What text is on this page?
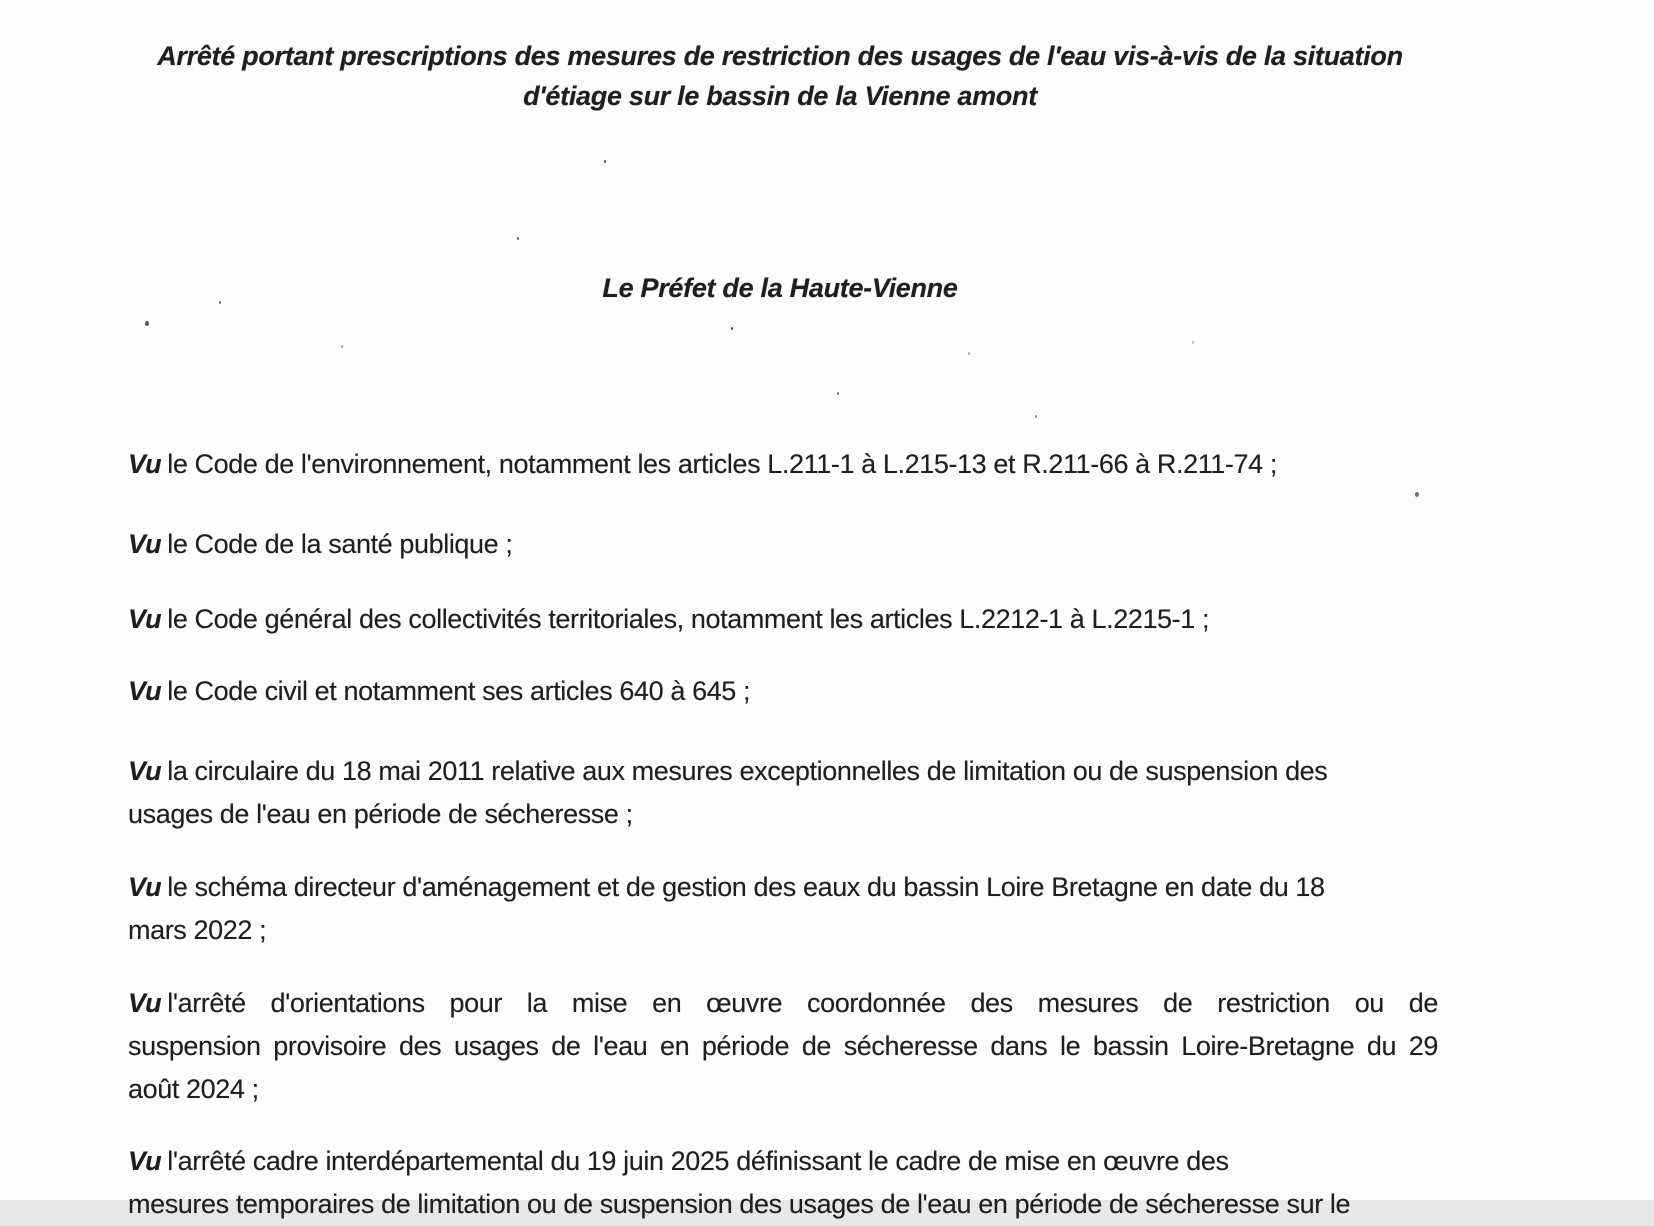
Arrêté portant prescriptions des mesures de restriction des usages de l'eau vis-à-vis de la situation
d'étiage sur le bassin de la Vienne amont
Le Préfet de la Haute-Vienne
Vu le Code de l'environnement, notamment les articles L.211-1 à L.215-13 et R.211-66 à R.211-74 ;
Vu le Code de la santé publique ;
Vu le Code général des collectivités territoriales, notamment les articles L.2212-1 à L.2215-1 ;
Vu le Code civil et notamment ses articles 640 à 645 ;
Vu la circulaire du 18 mai 2011 relative aux mesures exceptionnelles de limitation ou de suspension des
usages de l'eau en période de sécheresse ;
Vu le schéma directeur d'aménagement et de gestion des eaux du bassin Loire Bretagne en date du 18
mars 2022 ;
Vu l'arrêté d'orientations pour la mise en œuvre coordonnée des mesures de restriction ou de
suspension provisoire des usages de l'eau en période de sécheresse dans le bassin Loire-Bretagne du 29
août 2024 ;
Vu l'arrêté cadre interdépartemental du 19 juin 2025 définissant le cadre de mise en œuvre des
mesures temporaires de limitation ou de suspension des usages de l'eau en période de sécheresse sur le
